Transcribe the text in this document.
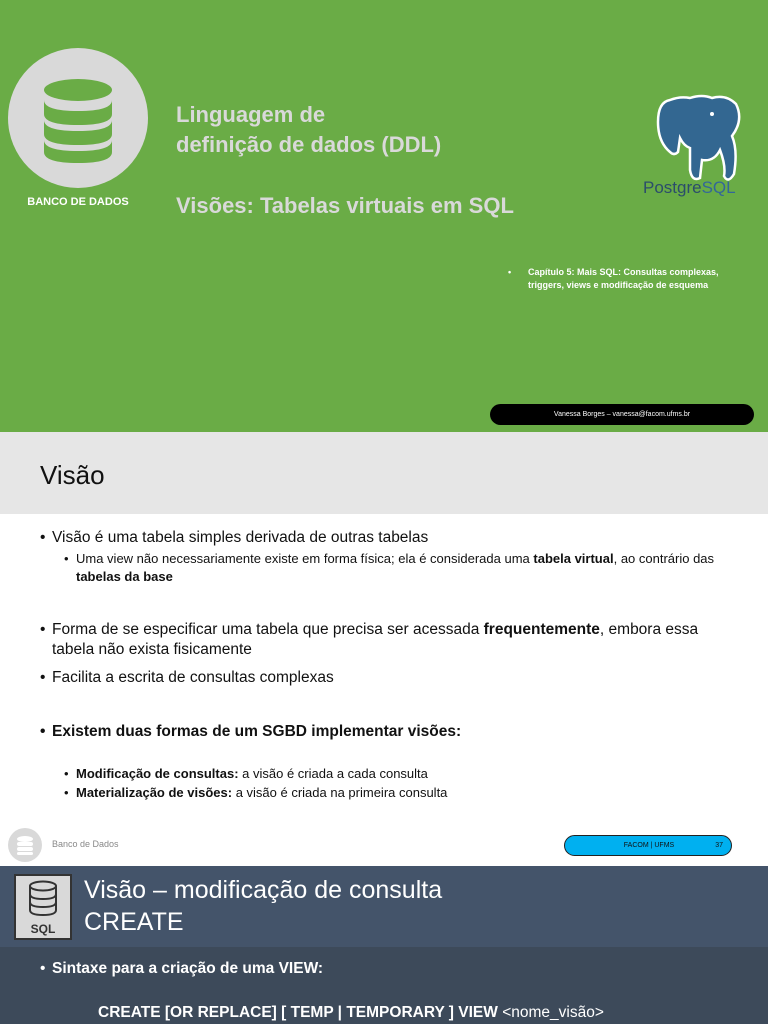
BANCO DE DADOS
Linguagem de
definição de dados (DDL)
Visões: Tabelas virtuais em SQL
PostgreSQL
• Capítulo 5: Mais SQL: Consultas complexas, triggers, views e modificação de esquema
Vanessa Borges – vanessa@facom.ufms.br
Visão
• Visão é uma tabela simples derivada de outras tabelas
• Uma view não necessariamente existe em forma física; ela é considerada uma tabela virtual, ao contrário das tabelas da base
• Forma de se especificar uma tabela que precisa ser acessada frequentemente, embora essa tabela não exista fisicamente
• Facilita a escrita de consultas complexas
• Existem duas formas de um SGBD implementar visões:
• Modificação de consultas: a visão é criada a cada consulta
• Materialização de visões: a visão é criada na primeira consulta
Banco de Dados	FACOM | UFMS	37
SQL
Visão – modificação de consulta
CREATE
• Sintaxe para a criação de uma VIEW:
CREATE [OR REPLACE] [ TEMP | TEMPORARY ] VIEW <nome_visão>
